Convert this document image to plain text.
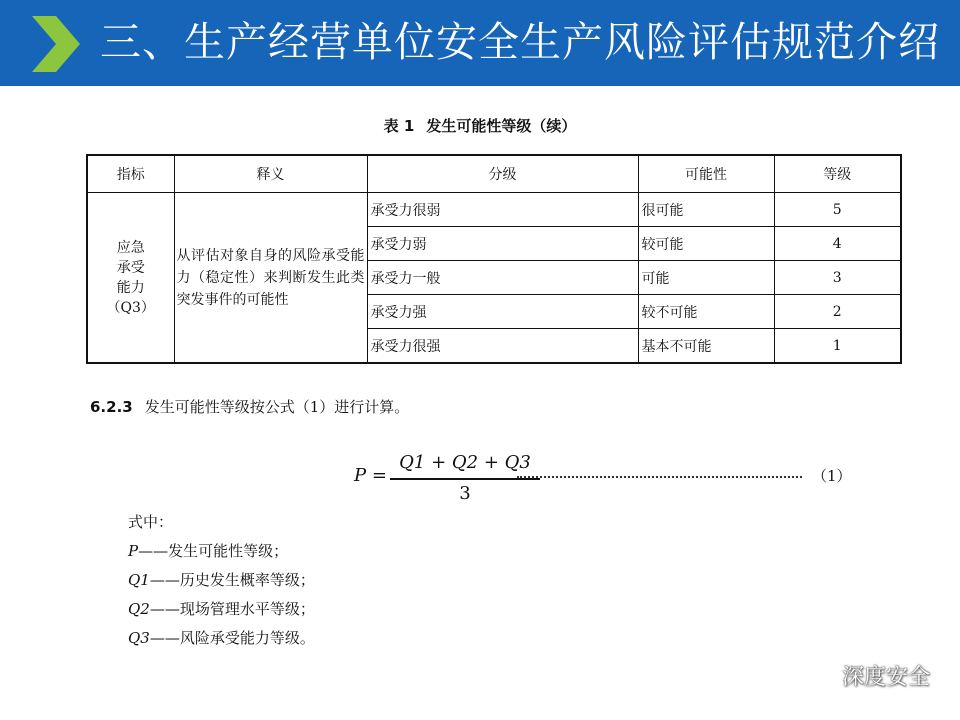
三、生产经营单位安全生产风险评估规范介绍
表 1 发生可能性等级（续）
指标	释义	分级	可能性	等级

应急
承受
能力
（Q3）	从评估对象自身的风险承受能力（稳定性）来判断发生此类突发事件的可能性	承受力很弱	很可能	5
		承受力弱	较可能	4
		承受力一般	可能	3
		承受力强	较不可能	2
		承受力很强	基本不可能	1
6.2.3 发生可能性等级按公式（1）进行计算。
P =
Q1 + Q2 + Q3
3
（1）
式中：
P——发生可能性等级；
Q1——历史发生概率等级；
Q2——现场管理水平等级；
Q3——风险承受能力等级。
深度安全
